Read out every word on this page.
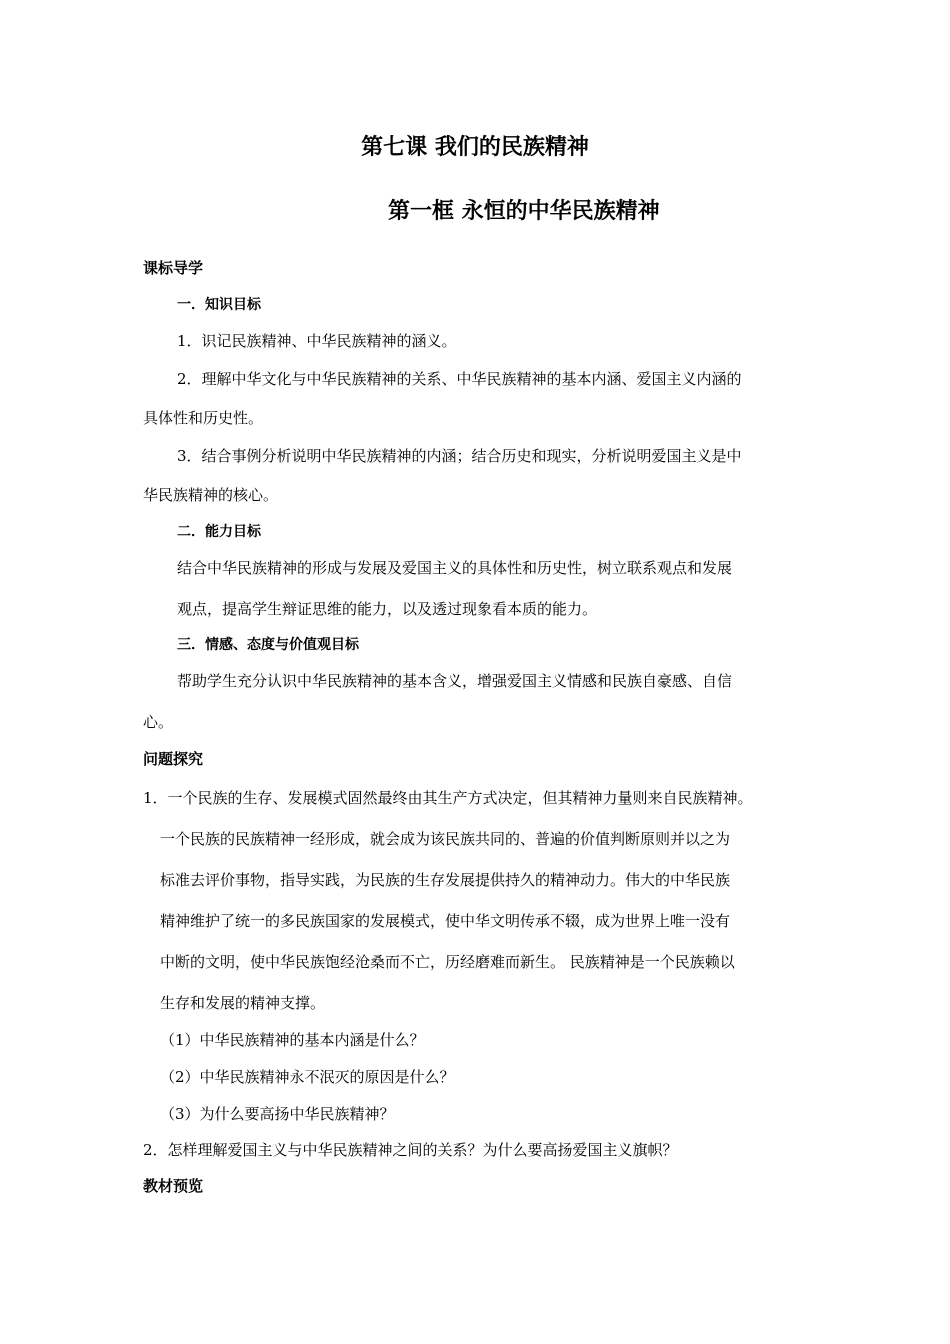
第七课 我们的民族精神
第一框 永恒的中华民族精神
课标导学
一．知识目标
1．识记民族精神、中华民族精神的涵义。
2．理解中华文化与中华民族精神的关系、中华民族精神的基本内涵、爱国主义内涵的
具体性和历史性。
3．结合事例分析说明中华民族精神的内涵；结合历史和现实，分析说明爱国主义是中
华民族精神的核心。
二．能力目标
结合中华民族精神的形成与发展及爱国主义的具体性和历史性，树立联系观点和发展
观点，提高学生辩证思维的能力，以及透过现象看本质的能力。
三．情感、态度与价值观目标
帮助学生充分认识中华民族精神的基本含义，增强爱国主义情感和民族自豪感、自信
心。
问题探究
1．一个民族的生存、发展模式固然最终由其生产方式决定，但其精神力量则来自民族精神。
一个民族的民族精神一经形成，就会成为该民族共同的、普遍的价值判断原则并以之为
标准去评价事物，指导实践，为民族的生存发展提供持久的精神动力。伟大的中华民族
精神维护了统一的多民族国家的发展模式，使中华文明传承不辍，成为世界上唯一没有
中断的文明，使中华民族饱经沧桑而不亡，历经磨难而新生。 民族精神是一个民族赖以
生存和发展的精神支撑。
（1）中华民族精神的基本内涵是什么？
（2）中华民族精神永不泯灭的原因是什么？
（3）为什么要高扬中华民族精神？
2．怎样理解爱国主义与中华民族精神之间的关系？为什么要高扬爱国主义旗帜？
教材预览
